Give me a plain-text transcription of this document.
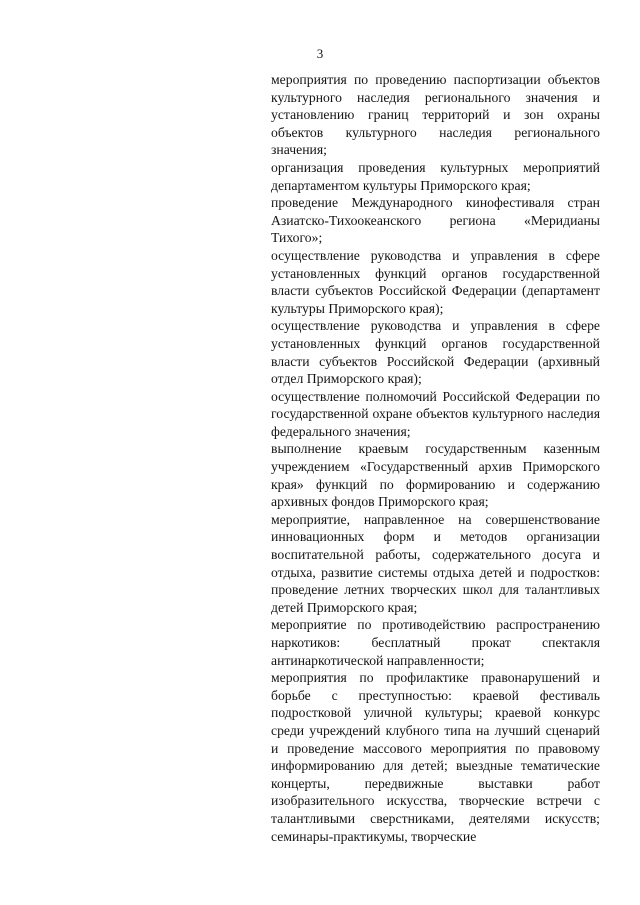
3

мероприятия по проведению паспортизации объектов культурного наследия регионального значения и установлению границ территорий и зон охраны объектов культурного наследия регионального значения;

организация проведения культурных мероприятий департаментом культуры Приморского края;

проведение Международного кинофестиваля стран Азиатско-Тихоокеанского региона «Меридианы Тихого»;

осуществление руководства и управления в сфере установленных функций органов государственной власти субъектов Российской Федерации (департамент культуры Приморского края);

осуществление руководства и управления в сфере установленных функций органов государственной власти субъектов Российской Федерации (архивный отдел Приморского края);

осуществление полномочий Российской Федерации по государственной охране объектов культурного наследия федерального значения;

выполнение краевым государственным казенным учреждением «Государственный архив Приморского края» функций по формированию и содержанию архивных фондов Приморского края;

мероприятие, направленное на совершенствование инновационных форм и методов организации воспитательной работы, содержательного досуга и отдыха, развитие системы отдыха детей и подростков: проведение летних творческих школ для талантливых детей Приморского края;

мероприятие по противодействию распространению наркотиков: бесплатный прокат спектакля антинаркотической направленности;

мероприятия по профилактике правонарушений и борьбе с преступностью: краевой фестиваль подростковой уличной культуры; краевой конкурс среди учреждений клубного типа на лучший сценарий и проведение массового мероприятия по правовому информированию для детей; выездные тематические концерты, передвижные выставки работ изобразительного искусства, творческие встречи с талантливыми сверстниками, деятелями искусств; семинары-практикумы, творческие
